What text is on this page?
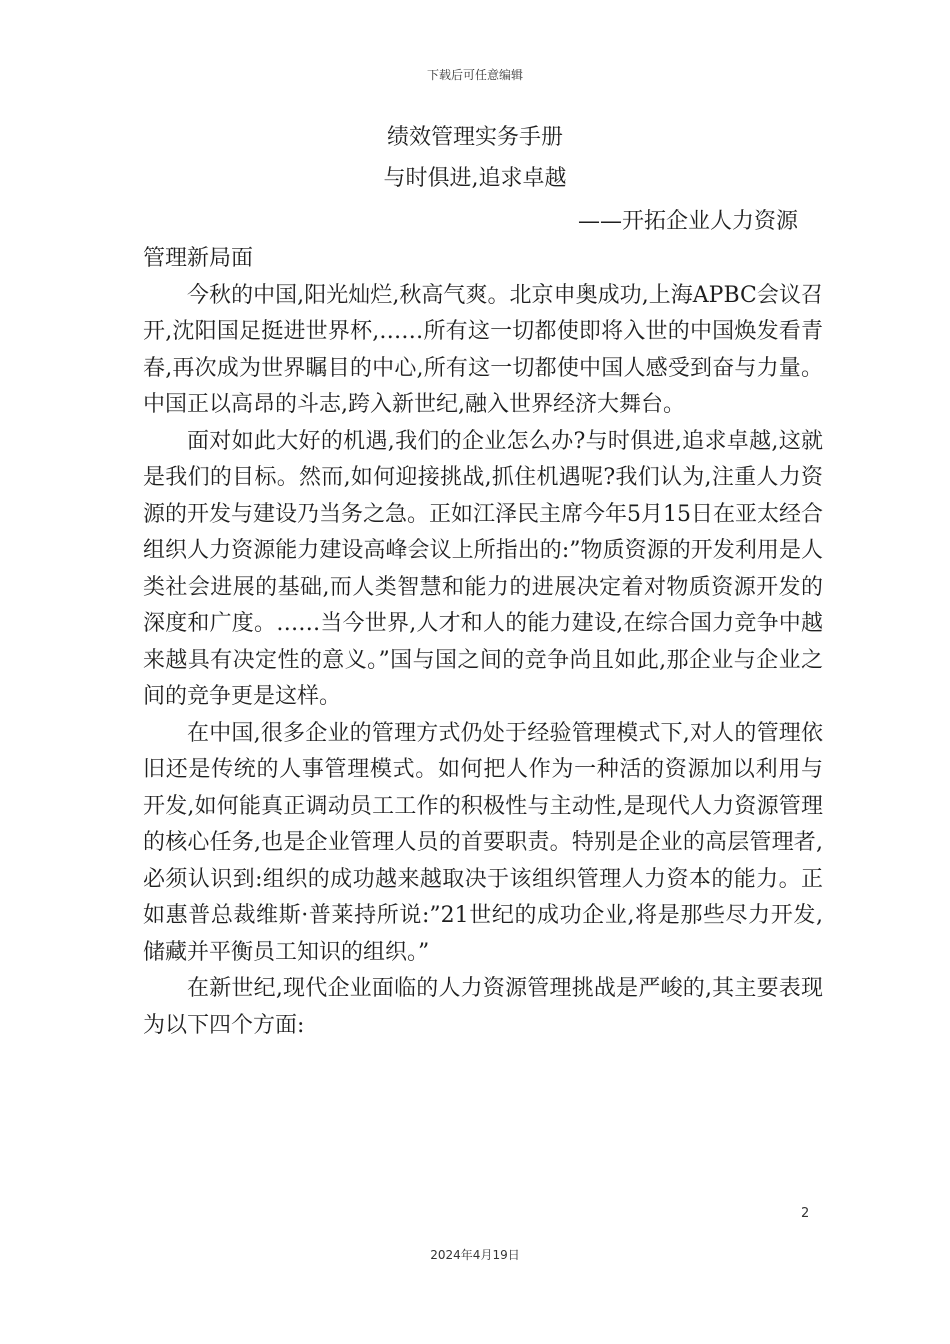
下载后可任意编辑
绩效管理实务手册
与时俱进,追求卓越
——开拓企业人力资源

管理新局面

今秋的中国,阳光灿烂,秋高气爽。北京申奥成功,上海APBC会议召开,沈阳国足挺进世界杯,……所有这一切都使即将入世的中国焕发看青春,再次成为世界瞩目的中心,所有这一切都使中国人感受到奋与力量。中国正以高昂的斗志,跨入新世纪,融入世界经济大舞台。

面对如此大好的机遇,我们的企业怎么办?与时俱进,追求卓越,这就是我们的目标。然而,如何迎接挑战,抓住机遇呢?我们认为,注重人力资源的开发与建设乃当务之急。正如江泽民主席今年5月15日在亚太经合组织人力资源能力建设高峰会议上所指出的:”物质资源的开发利用是人类社会进展的基础,而人类智慧和能力的进展决定着对物质资源开发的深度和广度。……当今世界,人才和人的能力建设,在综合国力竞争中越来越具有决定性的意义。”国与国之间的竞争尚且如此,那企业与企业之间的竞争更是这样。

在中国,很多企业的管理方式仍处于经验管理模式下,对人的管理依旧还是传统的人事管理模式。如何把人作为一种活的资源加以利用与开发,如何能真正调动员工工作的积极性与主动性,是现代人力资源管理的核心任务,也是企业管理人员的首要职责。特别是企业的高层管理者,必须认识到:组织的成功越来越取决于该组织管理人力资本的能力。正如惠普总裁维斯·普莱持所说:”21世纪的成功企业,将是那些尽力开发,储藏并平衡员工知识的组织。”

在新世纪,现代企业面临的人力资源管理挑战是严峻的,其主要表现为以下四个方面:

2
2024年4月19日
